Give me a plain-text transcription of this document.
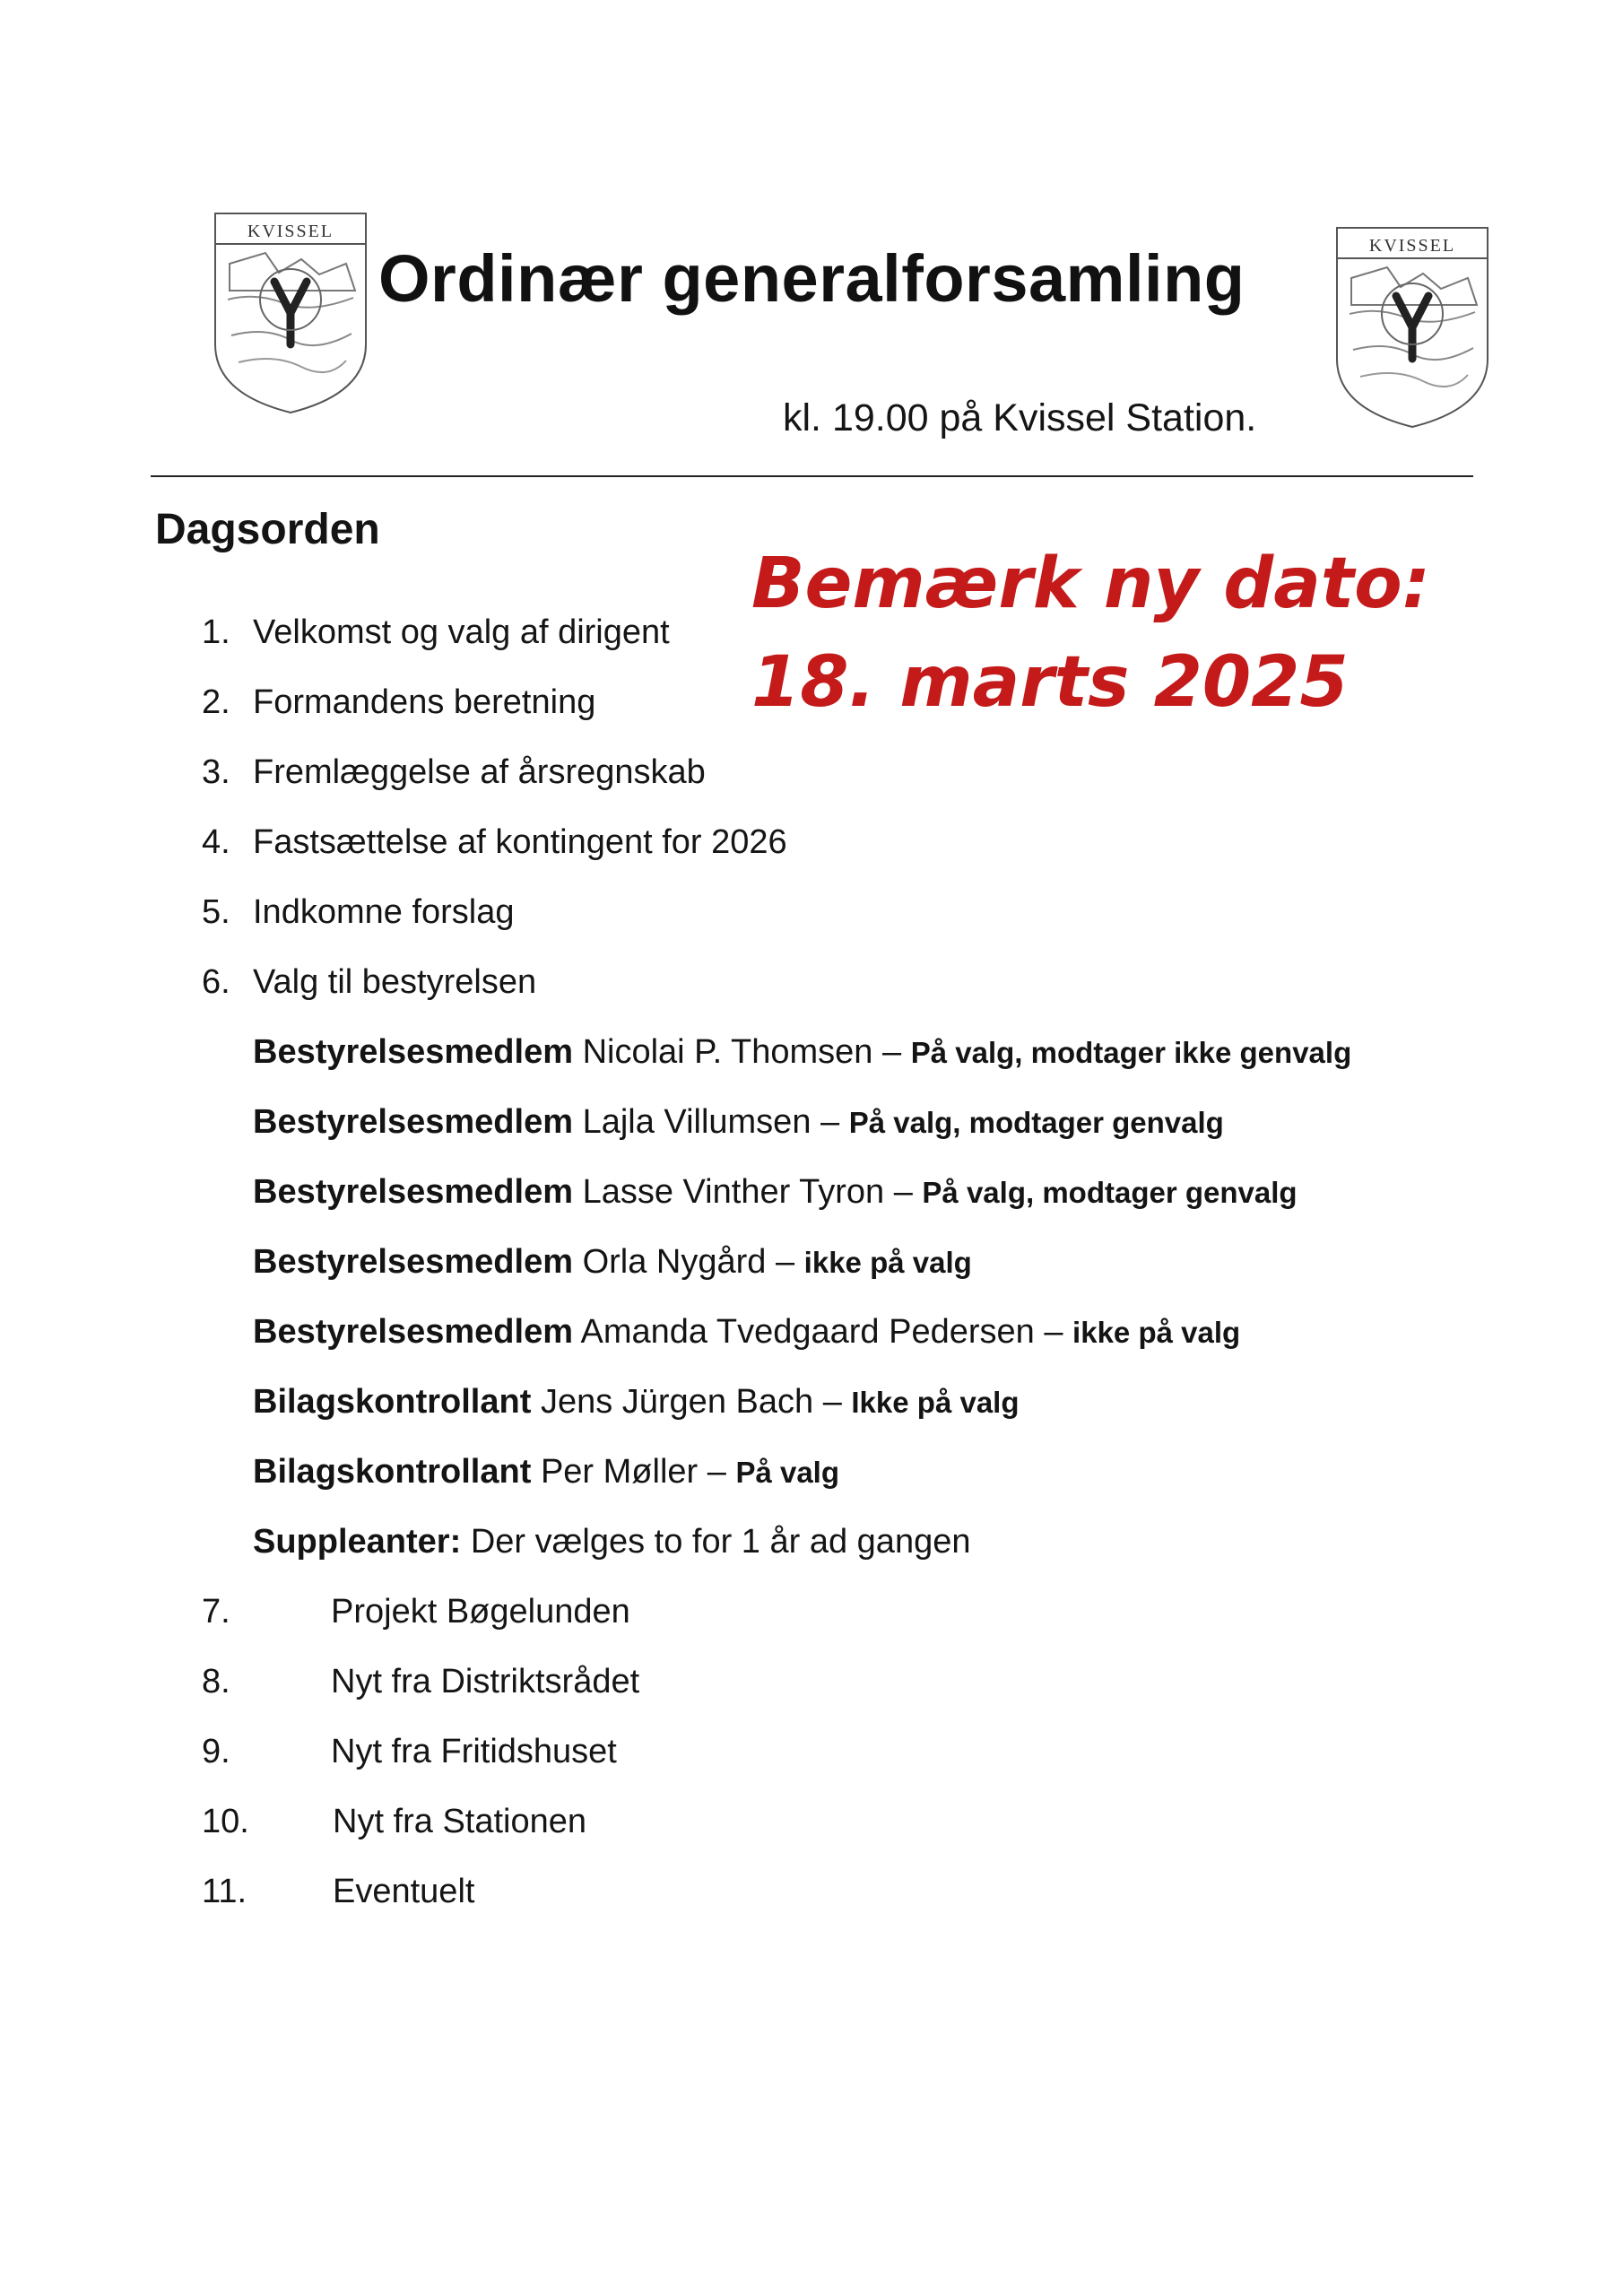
KVISSEL
KVISSEL
Ordinær generalforsamling
kl. 19.00 på Kvissel Station.
Dagsorden
Bemærk ny dato:
18. marts 2025
1. Velkomst og valg af dirigent
2. Formandens beretning
3. Fremlæggelse af årsregnskab
4. Fastsættelse af kontingent for 2026
5. Indkomne forslag
6. Valg til bestyrelsen
Bestyrelsesmedlem Nicolai P. Thomsen – På valg, modtager ikke genvalg
Bestyrelsesmedlem Lajla Villumsen – På valg, modtager genvalg
Bestyrelsesmedlem Lasse Vinther Tyron – På valg, modtager genvalg
Bestyrelsesmedlem Orla Nygård – ikke på valg
Bestyrelsesmedlem Amanda Tvedgaard Pedersen – ikke på valg
Bilagskontrollant Jens Jürgen Bach – Ikke på valg
Bilagskontrollant Per Møller – På valg
Suppleanter: Der vælges to for 1 år ad gangen
7.	Projekt Bøgelunden
8.	Nyt fra Distriktsrådet
9.	Nyt fra Fritidshuset
10. Nyt fra Stationen
11.	Eventuelt
